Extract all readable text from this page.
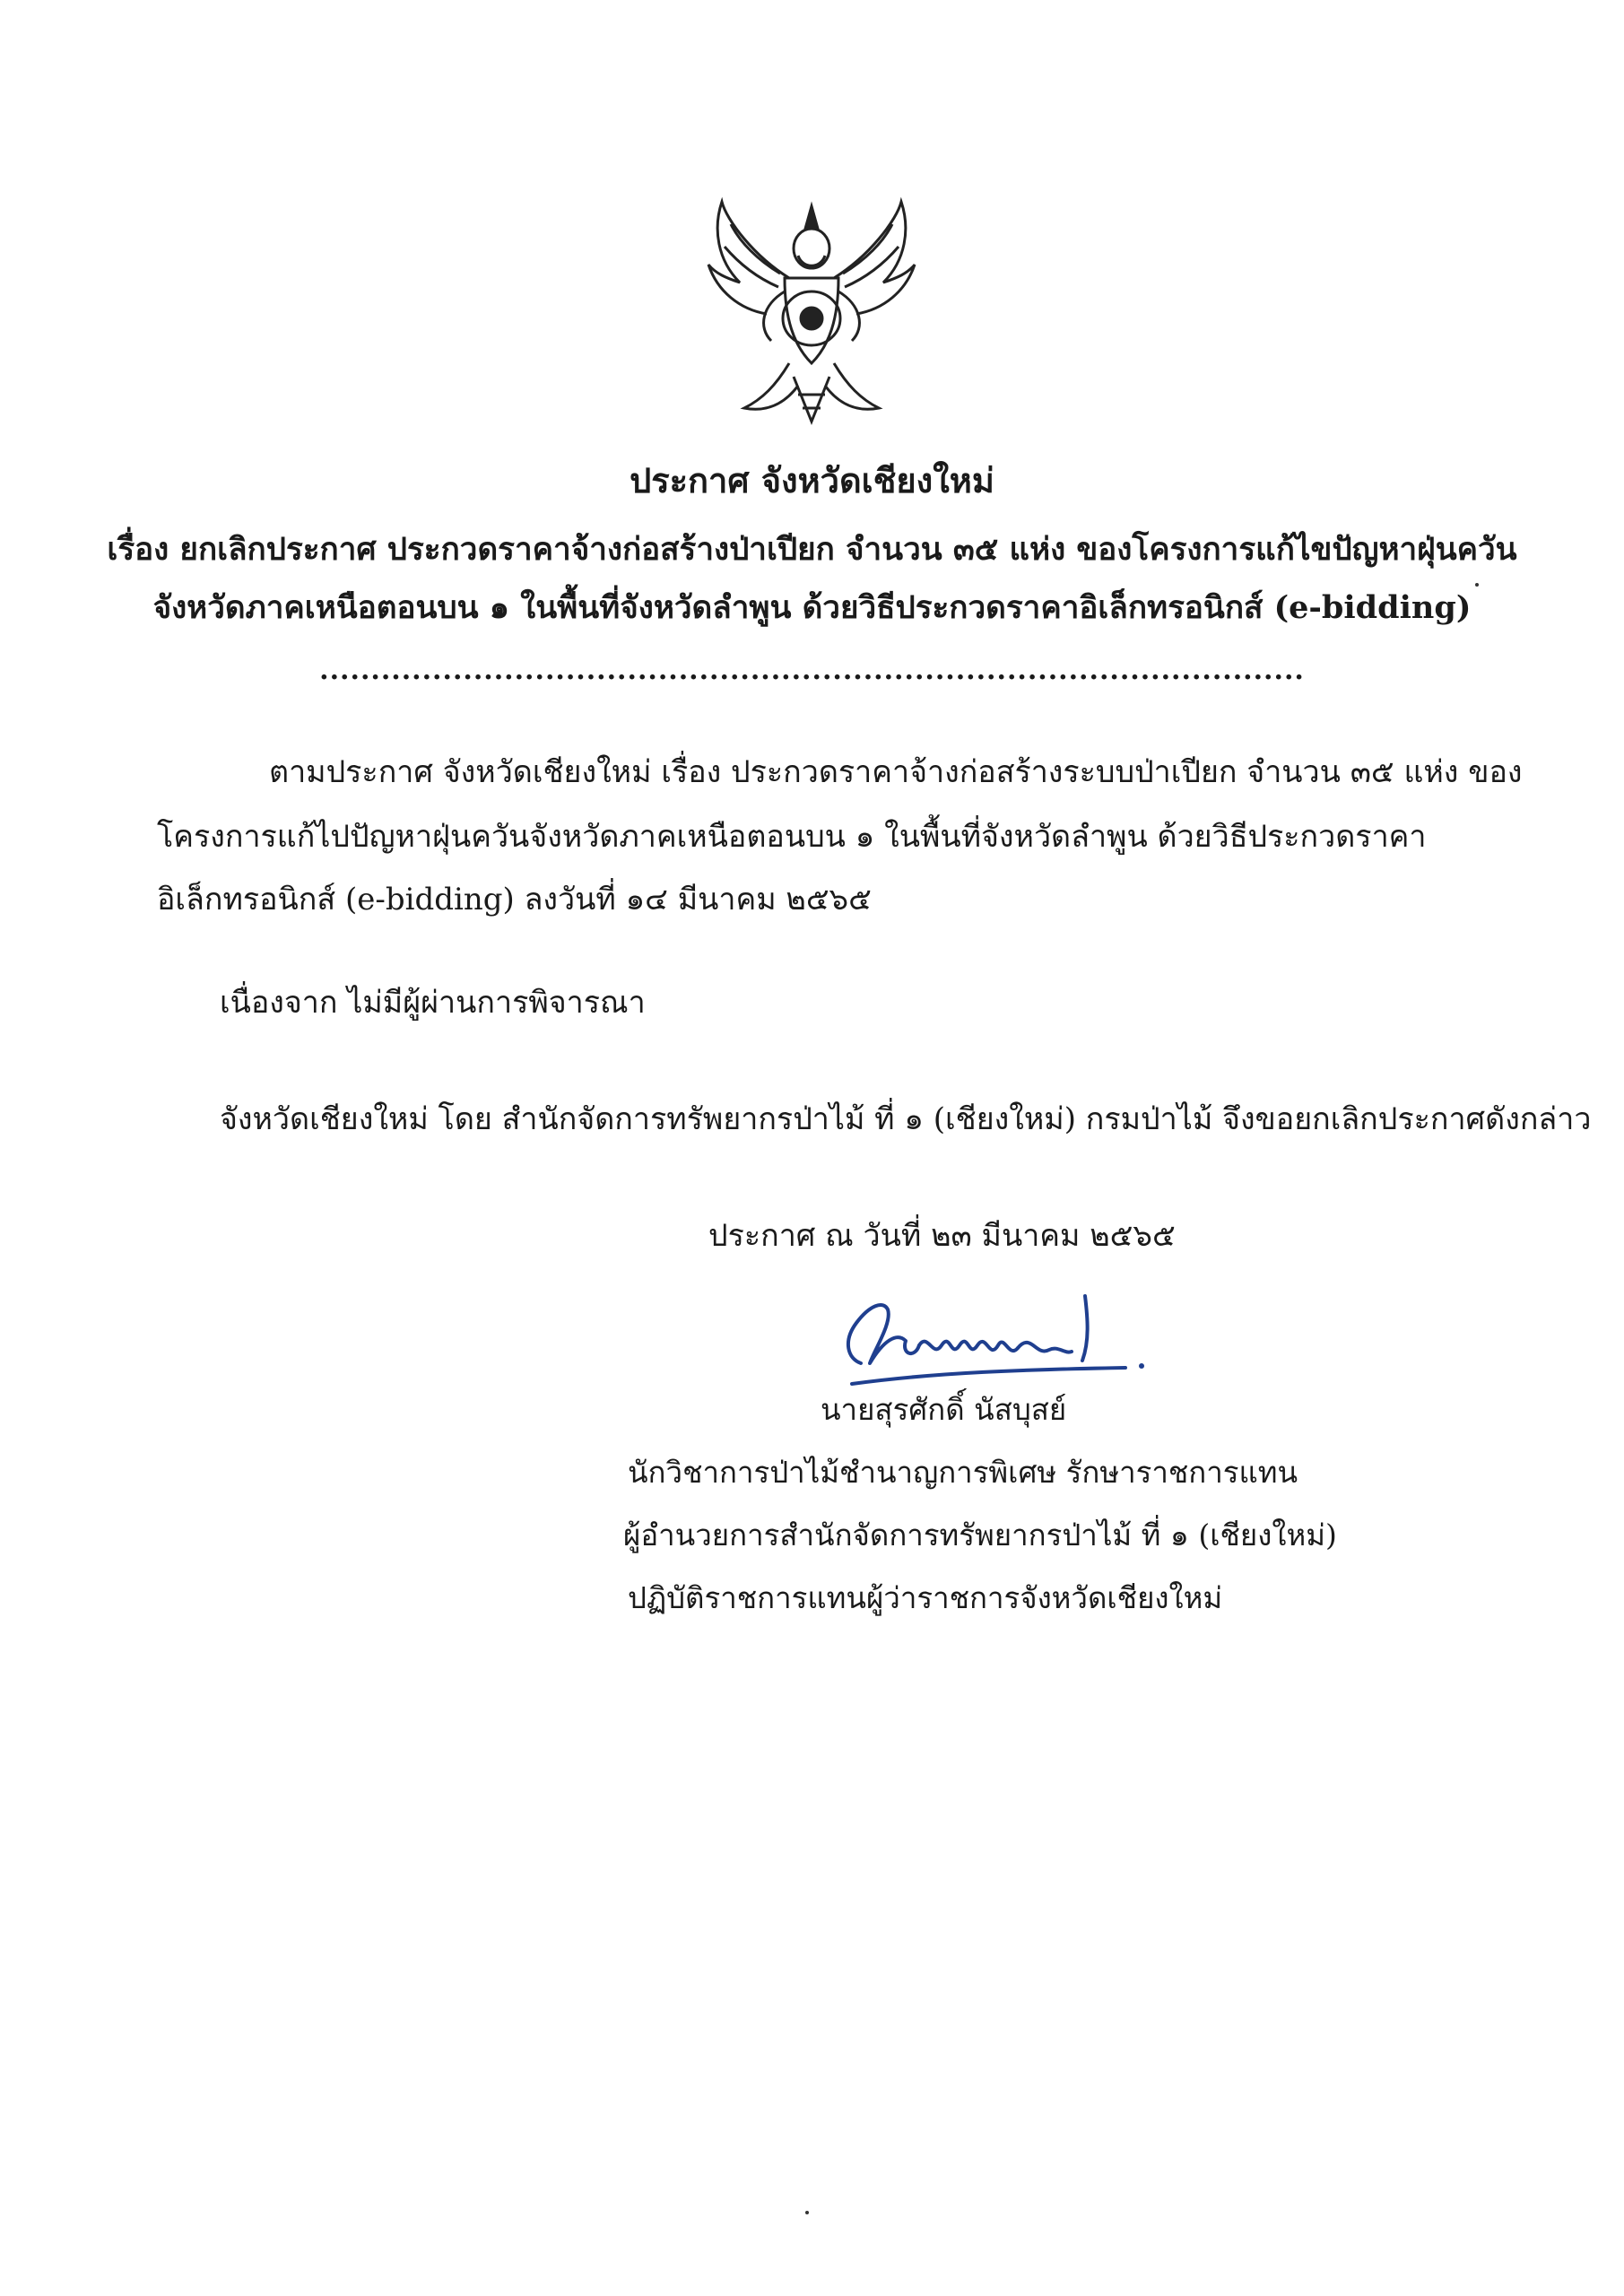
ประกาศ จังหวัดเชียงใหม่
เรื่อง ยกเลิกประกาศ ประกวดราคาจ้างก่อสร้างป่าเปียก จำนวน ๓๕ แห่ง ของโครงการแก้ไขปัญหาฝุ่นควัน
จังหวัดภาคเหนือตอนบน ๑ ในพื้นที่จังหวัดลำพูน ด้วยวิธีประกวดราคาอิเล็กทรอนิกส์ (e-bidding)
................................................................................................
ตามประกาศ จังหวัดเชียงใหม่ เรื่อง ประกวดราคาจ้างก่อสร้างระบบป่าเปียก จำนวน ๓๕ แห่ง ของ
โครงการแก้ไปปัญหาฝุ่นควันจังหวัดภาคเหนือตอนบน ๑ ในพื้นที่จังหวัดลำพูน ด้วยวิธีประกวดราคา
อิเล็กทรอนิกส์ (e-bidding) ลงวันที่ ๑๔ มีนาคม ๒๕๖๕
เนื่องจาก ไม่มีผู้ผ่านการพิจารณา
จังหวัดเชียงใหม่ โดย สำนักจัดการทรัพยากรป่าไม้ ที่ ๑ (เชียงใหม่) กรมป่าไม้ จึงขอยกเลิกประกาศดังกล่าว
ประกาศ ณ วันที่ ๒๓ มีนาคม ๒๕๖๕
นายสุรศักดิ์ นัสบุสย์
นักวิชาการป่าไม้ชำนาญการพิเศษ รักษาราชการแทน
ผู้อำนวยการสำนักจัดการทรัพยากรป่าไม้ ที่ ๑ (เชียงใหม่)
ปฏิบัติราชการแทนผู้ว่าราชการจังหวัดเชียงใหม่
